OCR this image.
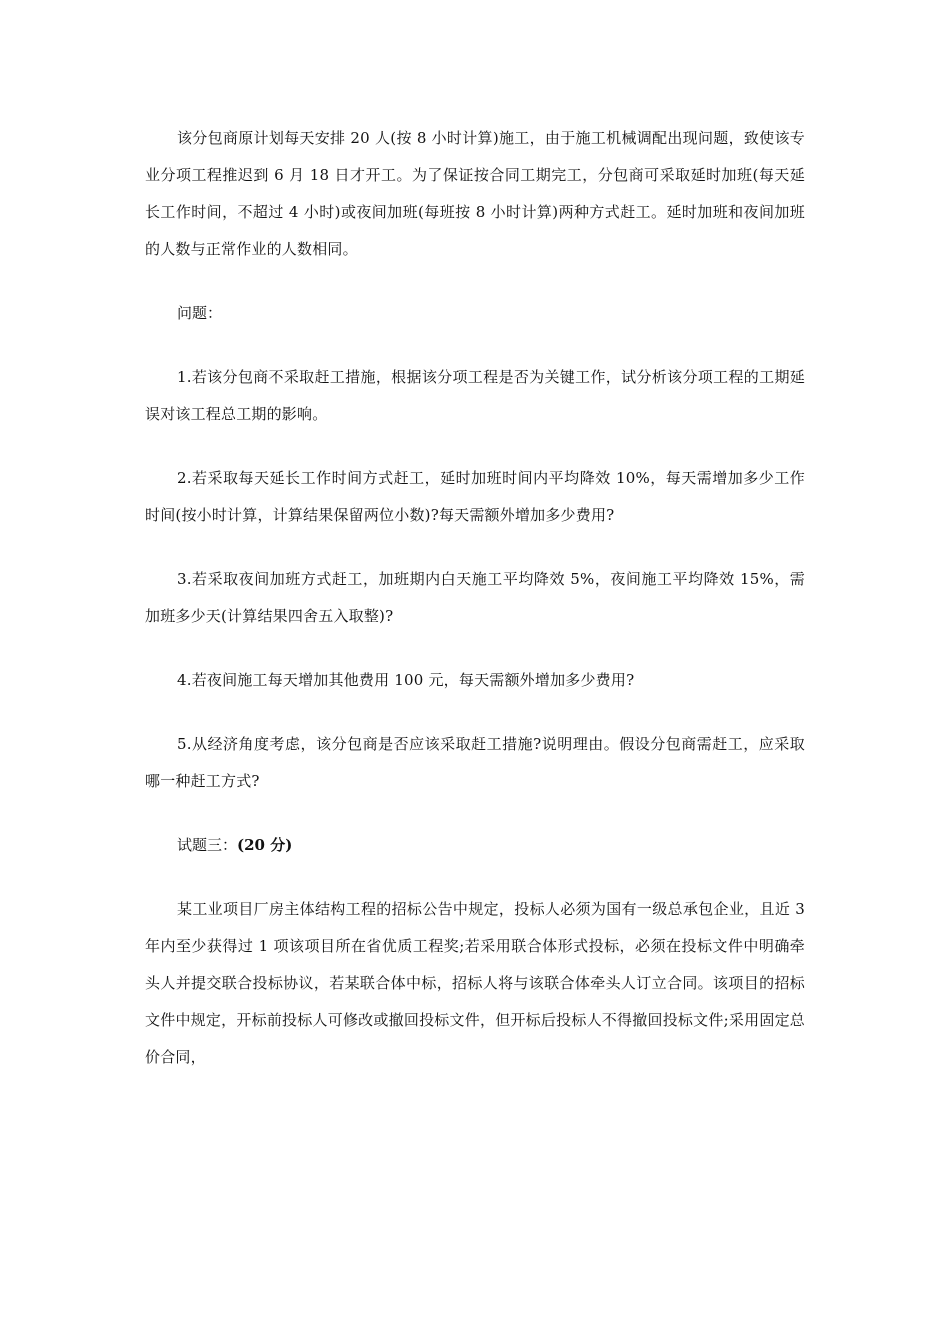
该分包商原计划每天安排 20 人(按 8 小时计算)施工，由于施工机械调配出现问题，致使该专业分项工程推迟到 6 月 18 日才开工。为了保证按合同工期完工，分包商可采取延时加班(每天延长工作时间，不超过 4 小时)或夜间加班(每班按 8 小时计算)两种方式赶工。延时加班和夜间加班的人数与正常作业的人数相同。

问题：

1.若该分包商不采取赶工措施，根据该分项工程是否为关键工作，试分析该分项工程的工期延误对该工程总工期的影响。

2.若采取每天延长工作时间方式赶工，延时加班时间内平均降效 10%，每天需增加多少工作时间(按小时计算，计算结果保留两位小数)?每天需额外增加多少费用?

3.若采取夜间加班方式赶工，加班期内白天施工平均降效 5%，夜间施工平均降效 15%，需加班多少天(计算结果四舍五入取整)?

4.若夜间施工每天增加其他费用 100 元，每天需额外增加多少费用?

5.从经济角度考虑，该分包商是否应该采取赶工措施?说明理由。假设分包商需赶工，应采取哪一种赶工方式?

试题三：(20 分)

某工业项目厂房主体结构工程的招标公告中规定，投标人必须为国有一级总承包企业，且近 3 年内至少获得过 1 项该项目所在省优质工程奖;若采用联合体形式投标，必须在投标文件中明确牵头人并提交联合投标协议，若某联合体中标，招标人将与该联合体牵头人订立合同。该项目的招标文件中规定，开标前投标人可修改或撤回投标文件，但开标后投标人不得撤回投标文件;采用固定总价合同，
